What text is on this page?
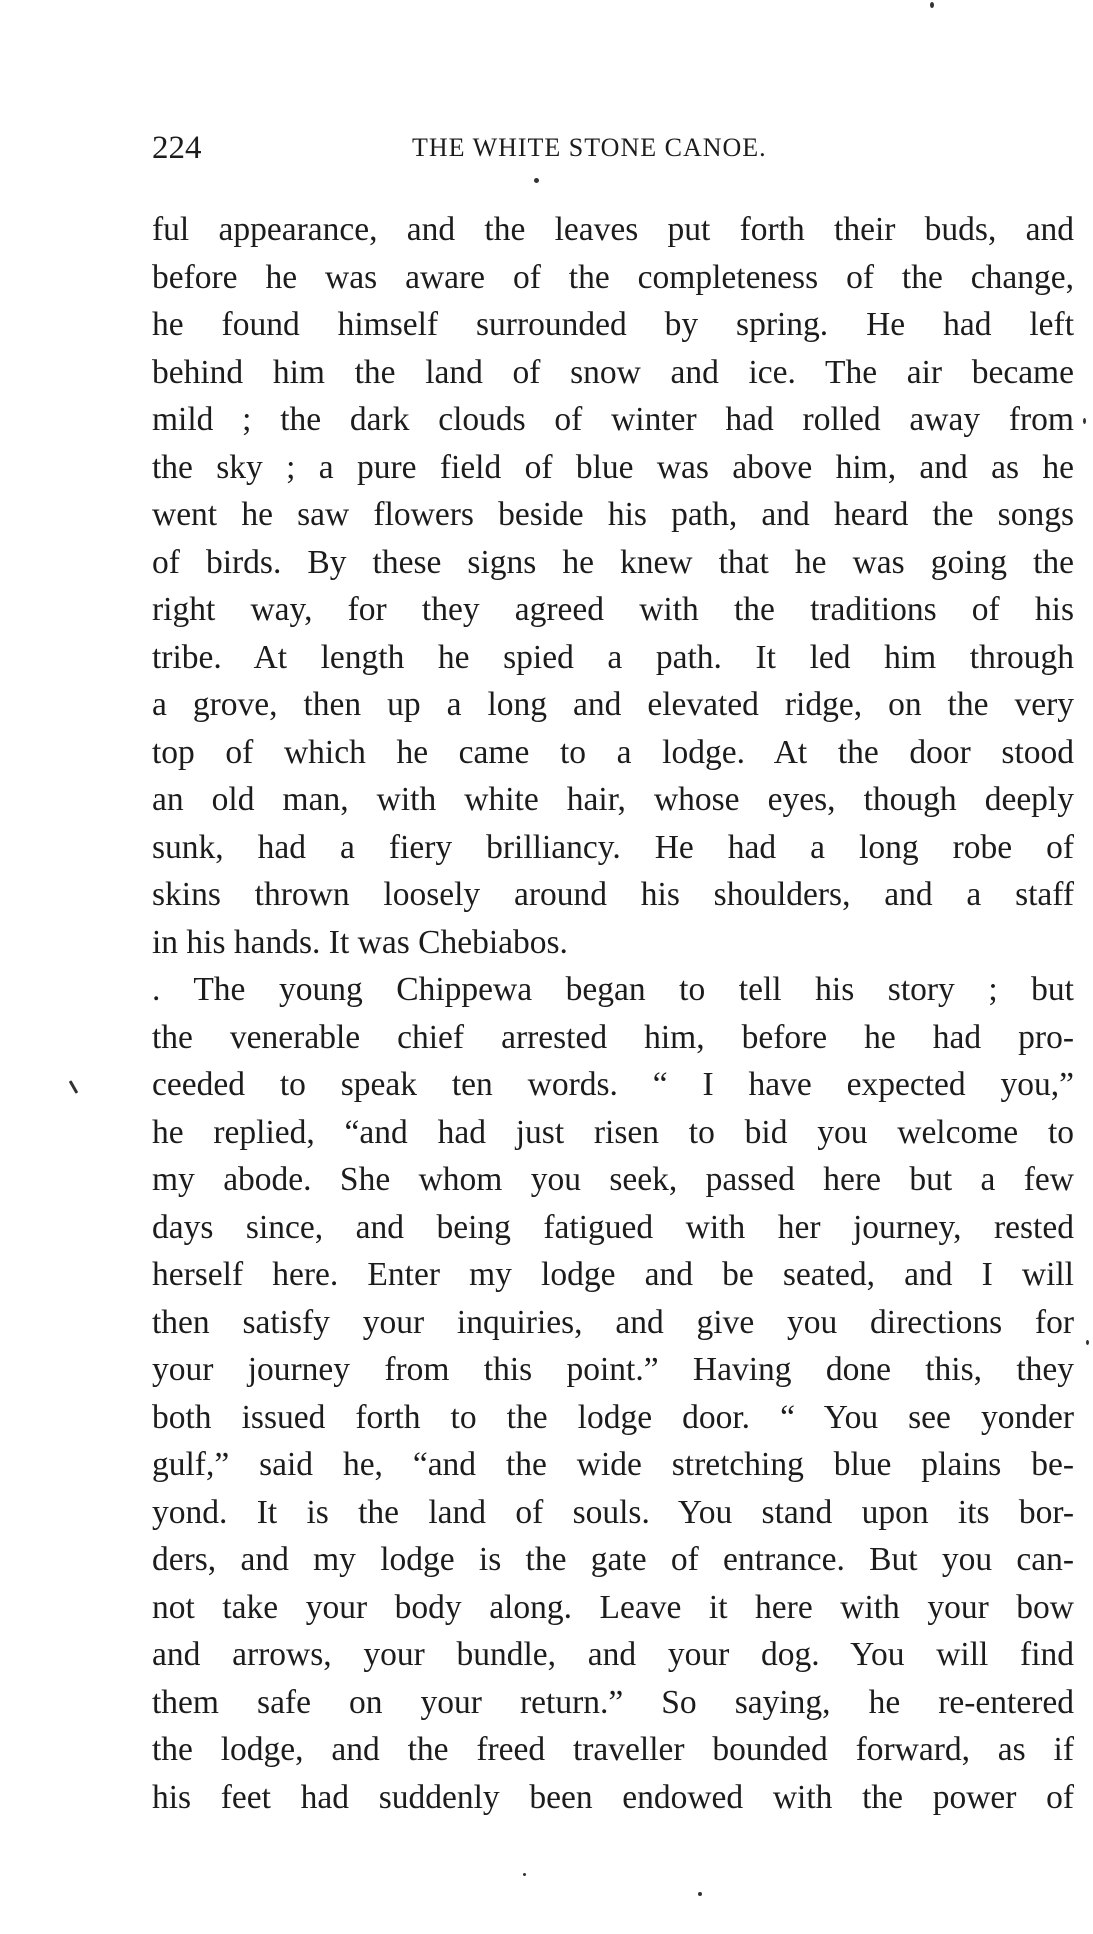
224	THE WHITE STONE CANOE.
ful appearance, and the leaves put forth their buds, and
before he was aware of the completeness of the change,
he found himself surrounded by spring. He had left
behind him the land of snow and ice. The air became
mild ; the dark clouds of winter had rolled away from
the sky ; a pure field of blue was above him, and as he
went he saw flowers beside his path, and heard the songs
of birds. By these signs he knew that he was going the
right way, for they agreed with the traditions of his
tribe. At length he spied a path. It led him through
a grove, then up a long and elevated ridge, on the very
top of which he came to a lodge. At the door stood
an old man, with white hair, whose eyes, though deeply
sunk, had a fiery brilliancy. He had a long robe of
skins thrown loosely around his shoulders, and a staff
in his hands. It was Chebiabos.
. The young Chippewa began to tell his story ; but
the venerable chief arrested him, before he had pro-
ceeded to speak ten words. “ I have expected you,”
he replied, “and had just risen to bid you welcome to
my abode. She whom you seek, passed here but a few
days since, and being fatigued with her journey, rested
herself here. Enter my lodge and be seated, and I will
then satisfy your inquiries, and give you directions for
your journey from this point.” Having done this, they
both issued forth to the lodge door. “ You see yonder
gulf,” said he, “and the wide stretching blue plains be-
yond. It is the land of souls. You stand upon its bor-
ders, and my lodge is the gate of entrance. But you can-
not take your body along. Leave it here with your bow
and arrows, your bundle, and your dog. You will find
them safe on your return.” So saying, he re-entered
the lodge, and the freed traveller bounded forward, as if
his feet had suddenly been endowed with the power of
